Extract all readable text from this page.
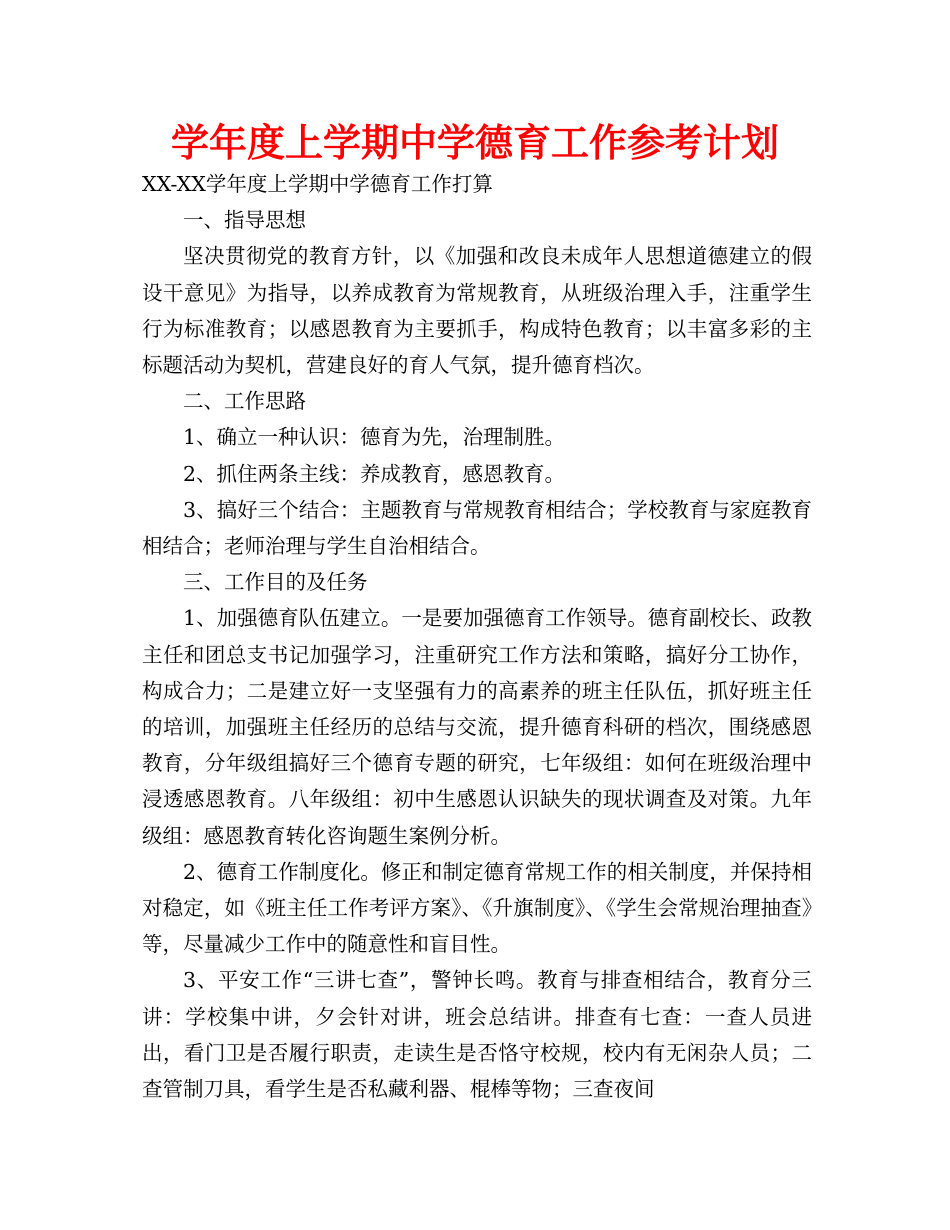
学年度上学期中学德育工作参考计划

XX-XX学年度上学期中学德育工作打算

一、指导思想

坚决贯彻党的教育方针，以《加强和改良未成年人思想道德建立的假设干意见》为指导，以养成教育为常规教育，从班级治理入手，注重学生行为标准教育；以感恩教育为主要抓手，构成特色教育；以丰富多彩的主标题活动为契机，营建良好的育人气氛，提升德育档次。

二、工作思路

1、确立一种认识：德育为先，治理制胜。

2、抓住两条主线：养成教育，感恩教育。

3、搞好三个结合：主题教育与常规教育相结合；学校教育与家庭教育相结合；老师治理与学生自治相结合。

三、工作目的及任务

1、加强德育队伍建立。一是要加强德育工作领导。德育副校长、政教主任和团总支书记加强学习，注重研究工作方法和策略，搞好分工协作，构成合力；二是建立好一支坚强有力的高素养的班主任队伍，抓好班主任的培训，加强班主任经历的总结与交流，提升德育科研的档次，围绕感恩教育，分年级组搞好三个德育专题的研究，七年级组：如何在班级治理中浸透感恩教育。八年级组：初中生感恩认识缺失的现状调查及对策。九年级组：感恩教育转化咨询题生案例分析。

2、德育工作制度化。修正和制定德育常规工作的相关制度，并保持相对稳定，如《班主任工作考评方案》、《升旗制度》、《学生会常规治理抽查》等，尽量减少工作中的随意性和盲目性。

3、平安工作“三讲七查”，警钟长鸣。教育与排查相结合，教育分三讲：学校集中讲，夕会针对讲，班会总结讲。排查有七查：一查人员进出，看门卫是否履行职责，走读生是否恪守校规，校内有无闲杂人员；二查管制刀具，看学生是否私藏利器、棍棒等物；三查夜间
